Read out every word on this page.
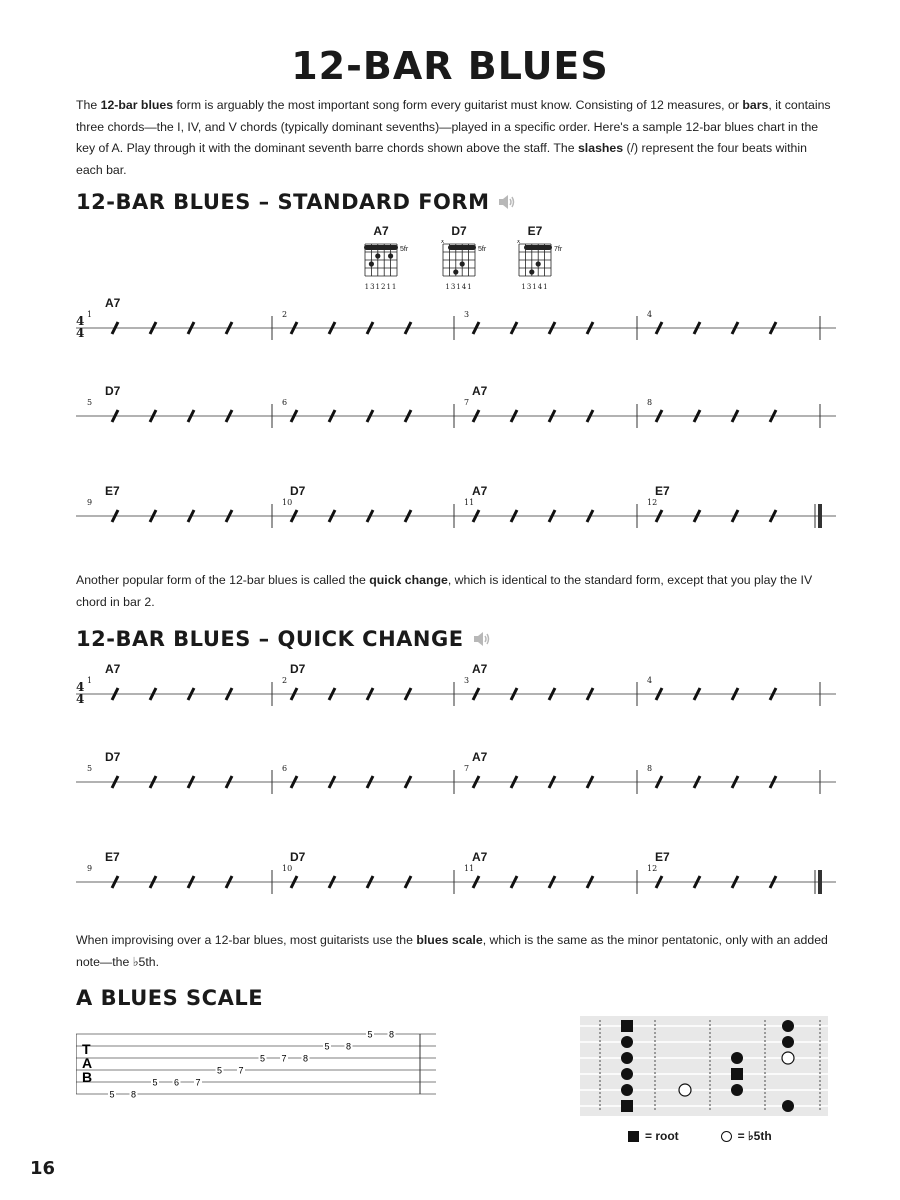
12-BAR BLUES
The 12-bar blues form is arguably the most important song form every guitarist must know. Consisting of 12 measures, or bars, it contains three chords—the I, IV, and V chords (typically dominant sevenths)—played in a specific order. Here's a sample 12-bar blues chart in the key of A. Play through it with the dominant seventh barre chords shown above the staff. The slashes (/) represent the four beats within each bar.
12-BAR BLUES – STANDARD FORM
A7
5fr
131211
D7
x
5fr
13141
E7
x
7fr
13141
A7
4
4
1	2	3	4
D7	A7
5	6	7	8
E7	D7	A7	E7
9	10	11	12
Another popular form of the 12-bar blues is called the quick change, which is identical to the standard form, except that you play the IV chord in bar 2.
12-BAR BLUES – QUICK CHANGE
A7	D7	A7
4
4
1	2	3	4
D7	A7
5	6	7	8
E7	D7	A7	E7
9	10	11	12
When improvising over a 12-bar blues, most guitarists use the blues scale, which is the same as the minor pentatonic, only with an added note—the ♭5th.
A BLUES SCALE
T
A
B
5 8
5 6 7
5 7
5 7 8
5 8
5 8
= root	= ♭5th
16
